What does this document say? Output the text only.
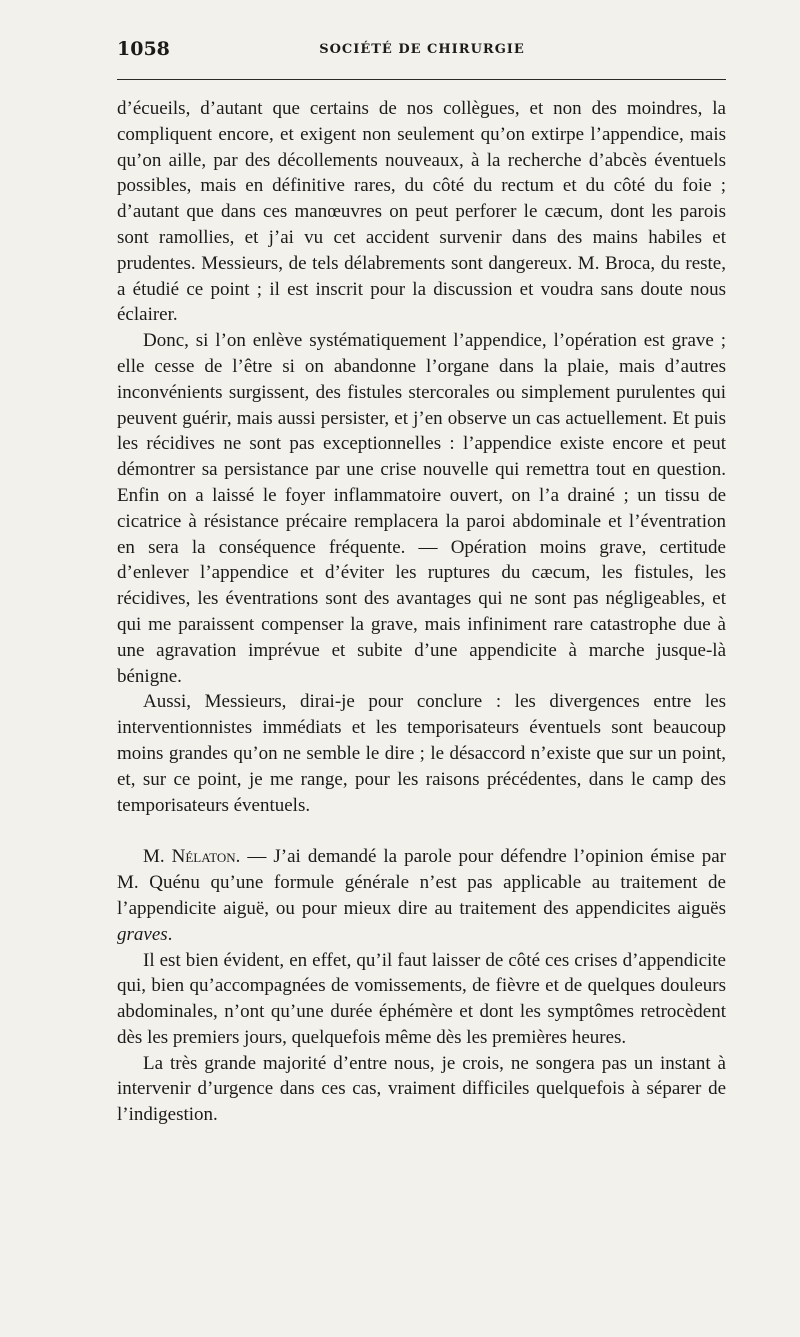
1058	SOCIÉTÉ DE CHIRURGIE

d’écueils, d’autant que certains de nos collègues, et non des moindres, la compliquent encore, et exigent non seulement qu’on extirpe l’appendice, mais qu’on aille, par des décollements nouveaux, à la recherche d’abcès éventuels possibles, mais en définitive rares, du côté du rectum et du côté du foie ; d’autant que dans ces manœuvres on peut perforer le cæcum, dont les parois sont ramollies, et j’ai vu cet accident survenir dans des mains habiles et prudentes. Messieurs, de tels délabrements sont dangereux. M. Broca, du reste, a étudié ce point ; il est inscrit pour la discussion et voudra sans doute nous éclairer.

Donc, si l’on enlève systématiquement l’appendice, l’opération est grave ; elle cesse de l’être si on abandonne l’organe dans la plaie, mais d’autres inconvénients surgissent, des fistules stercorales ou simplement purulentes qui peuvent guérir, mais aussi persister, et j’en observe un cas actuellement. Et puis les récidives ne sont pas exceptionnelles : l’appendice existe encore et peut démontrer sa persistance par une crise nouvelle qui remettra tout en question. Enfin on a laissé le foyer inflammatoire ouvert, on l’a drainé ; un tissu de cicatrice à résistance précaire remplacera la paroi abdominale et l’éventration en sera la conséquence fréquente. — Opération moins grave, certitude d’enlever l’appendice et d’éviter les ruptures du cæcum, les fistules, les récidives, les éventrations sont des avantages qui ne sont pas négligeables, et qui me paraissent compenser la grave, mais infiniment rare catastrophe due à une agravation imprévue et subite d’une appendicite à marche jusque-là bénigne.

Aussi, Messieurs, dirai-je pour conclure : les divergences entre les interventionnistes immédiats et les temporisateurs éventuels sont beaucoup moins grandes qu’on ne semble le dire ; le désaccord n’existe que sur un point, et, sur ce point, je me range, pour les raisons précédentes, dans le camp des temporisateurs éventuels.

M. Nélaton. — J’ai demandé la parole pour défendre l’opinion émise par M. Quénu qu’une formule générale n’est pas applicable au traitement de l’appendicite aiguë, ou pour mieux dire au traitement des appendicites aiguës graves.

Il est bien évident, en effet, qu’il faut laisser de côté ces crises d’appendicite qui, bien qu’accompagnées de vomissements, de fièvre et de quelques douleurs abdominales, n’ont qu’une durée éphémère et dont les symptômes retrocèdent dès les premiers jours, quelquefois même dès les premières heures.

La très grande majorité d’entre nous, je crois, ne songera pas un instant à intervenir d’urgence dans ces cas, vraiment difficiles quelquefois à séparer de l’indigestion.
